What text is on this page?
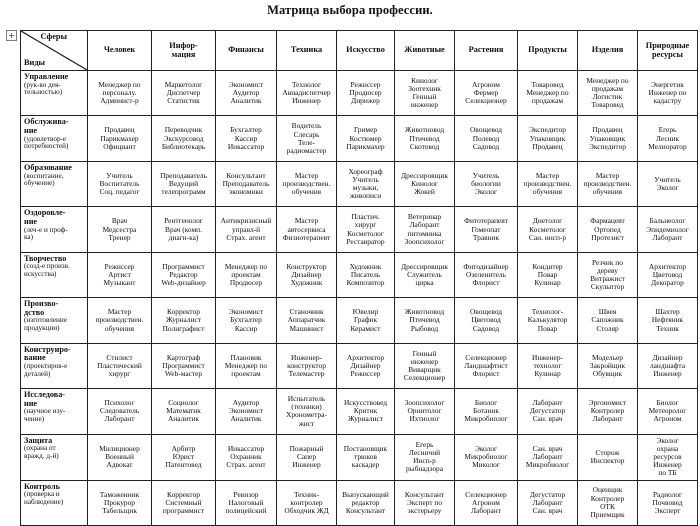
+
Матрица выбора профессии.
Сферы
Виды	Человек	Инфор-
мация	Финансы	Техника	Искусство	Животные	Растения	Продукты	Изделия	Природные
ресурсы

Управление
(рук-во дея-
тельностью)	Менеджер по
персоналу.
Админист-р	Маркетолог
Диспетчер
Статистик	Экономист
Аудитор
Аналитик	Технолог
Авиадиспетчер
Инженер	Режиссер
Продюсер
Дирижер	Кинолог
Зоотехник
Генный
инженер	Агроном
Фермер
Селекционер	Товаровед
Менеджер по
продажам	Менеджер по
продажам
Логистик
Товаровед	Энергетик
Инженер по
кадастру

Обслужива-
ние
(удовлетвор-е
потребностей)	Продавец
Парикмахер
Официант	Переводчик
Экскурсовод
Библиотекарь	Бухгалтер
Кассир
Инкассатор	Водитель
Слесарь
Теле-
радиомастер	Гример
Костюмер
Парикмахер	Животновод
Птичевод
Скотовод	Овощевод
Полевод
Садовод	Экспедитор
Упаковщик
Продавец	Продавец
Упаковщик
Экспедитор	Егерь
Лесник
Мелиоратор

Образование
(воспитание,
обучение)	Учитель
Воспитатель
Соц. педагог	Преподаватель
Ведущий
телепрограмм	Консультант
Преподаватель
экономики	Мастер
производствен.
обучения	Хореограф
Учитель
музыки,
живописи	Дрессировщик
Кинолог
Жокей	Учитель
биологии
Эколог	Мастер
производствен.
обучения	Мастер
производствен.
обучения	Учитель
Эколог

Оздоровле-
ние
(леч-е и проф-
ка)	Врач
Медсестра
Тренер	Рентгенолог
Врач (комп.
диагн-ка)	Антикризисный
управл-й
Страх. агент	Мастер
автосервиса
Физиотерапевт	Пластич.
хирург
Косметолог
Реставратор	Ветеринар
Лаборант
питомника
Зоопсихолог	Фитотерапевт
Гомеопат
Травник	Диетолог
Косметолог
Сан. инсп-р	Фармацевт
Ортопед
Протезист	Бальнеолог
Эпидемиолог
Лаборант

Творчество
(созд-е произв.
искусства)	Режиссер
Артист
Музыкант	Программист
Редактор
Web-дизайнер	Менеджер по
проектам
Продюсер	Конструктор
Дизайнер
Художник	Художник
Писатель
Композитор	Дрессировщик
Служитель
цирка	Фитодизайнер
Озеленитель
Флорист	Кондитер
Повар
Кулинар	Резчик по
дереву
Витражист
Скульптор	Архитектор
Цветовод
Декоратор

Произво-
дство
(изготовление
продукции)	Мастер
производствен.
обучения	Корректор
Журналист
Полиграфист	Экономист
Бухгалтер
Кассир	Станочник
Аппаратчик
Машинист	Ювелир
График
Керамист	Животновод
Птичевод
Рыбовод	Овощевод
Цветовод
Садовод	Технолог-
Калькулятор
Повар	Швея
Сапожник
Столяр	Шахтер
Нефтяник
Техник

Конструиро-
вание
(проектиров-е
деталей)	Стилист
Пластический
хирург	Картограф
Программист
Web-мастер	Плановик
Менеджер по
проектам	Инженер-
конструктор
Телемастер	Архитектор
Дизайнер
Режиссер	Генный
инженер
Виварщик
Селекционер	Селекционер
Ландшафтист
Флорист	Инженер-
технолог
Кулинар	Модельер
Закройщик
Обувщик	Дизайнер
ландшафта
Инженер

Исследова-
ние
(научное изу-
чение)	Психолог
Следователь
Лаборант	Социолог
Математик
Аналитик	Аудитор
Экономист
Аналитик	Испытатель
(техники)
Хронометра-
жист	Искусствовед
Критик
Журналист	Зоопсихолог
Орнитолог
Ихтиолог	Биолог
Ботаник
Микробиолог	Лаборант
Дегустатор
Сан. врач	Эргономист
Контролер
Лаборант	Биолог
Метеоролог
Агроном

Защита
(охрана от
вражд. д-й)	Милиционер
Военный
Адвокат	Арбитр
Юрист
Патентовед	Инкассатор
Охранник
Страх. агент	Пожарный
Сапер
Инженер	Постановщик
трюков
каскадер	Егерь
Лесничий
Инсп-р
рыбнадзора	Эколог
Микробиолог
Миколог	Сан. врач
Лаборант
Микробиолог	Сторож
Инспектор	Эколог
охрана
ресурсов
Инженер
по ТБ

Контроль
(проверка и
наблюдение)	Таможенник
Прокурор
Табельщик	Корректор
Системный
программист	Ревизор
Налоговый
полицейский	Техник-
контролер
Обходчик ЖД	Выпускающий
редактор
Консультант	Консультант
Эксперт по
экстерьеру	Селекционер
Агроном
Лаборант	Дегустатор
Лаборант
Сан. врач	Оценщик
Контролер
ОТК
Приемщик	Радиолог
Почвовед
Эксперт
